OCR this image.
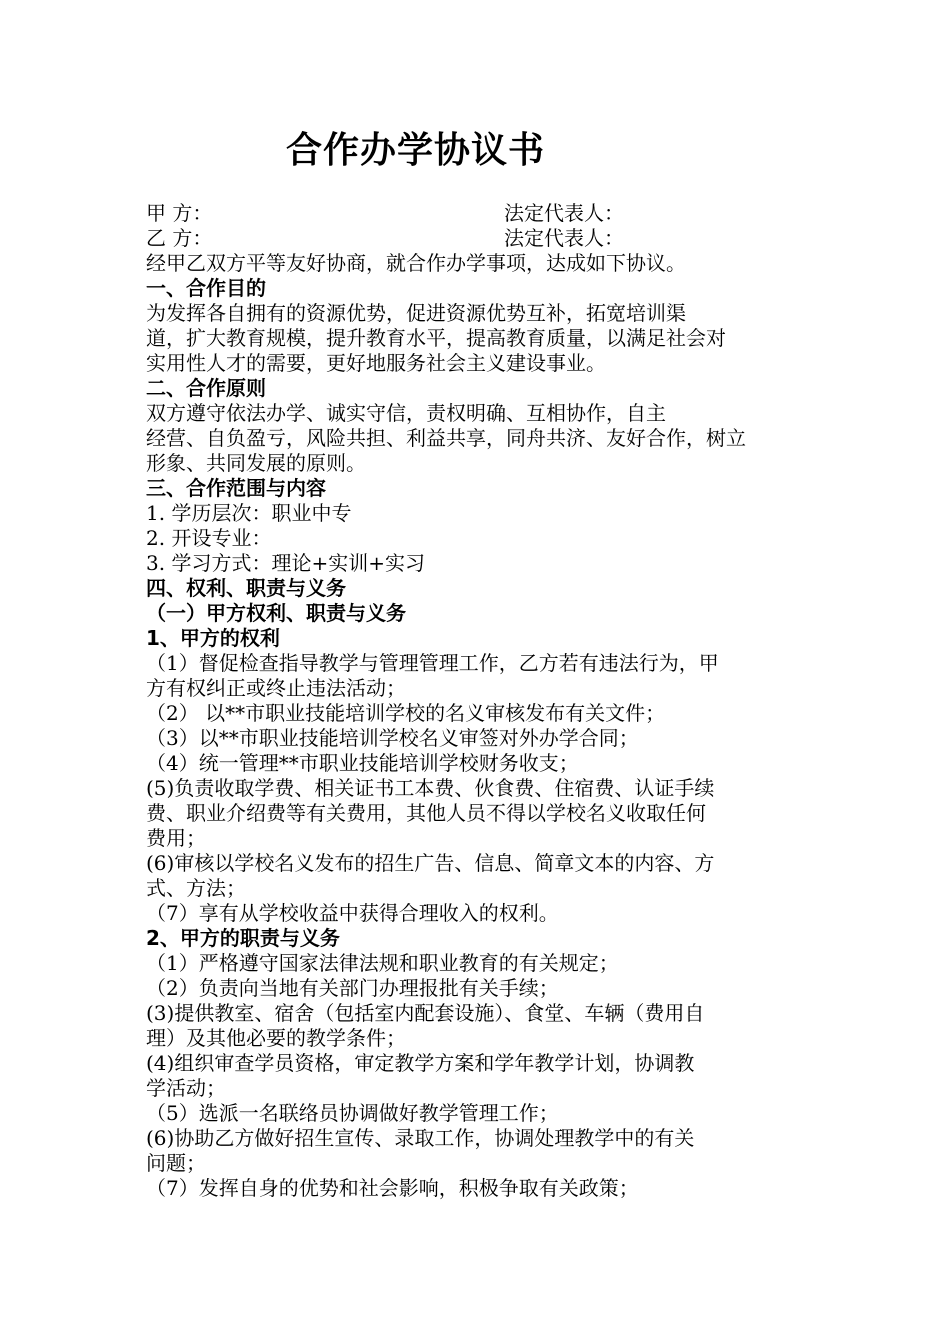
合作办学协议书
甲 方：	法定代表人：
乙 方：	法定代表人：
经甲乙双方平等友好协商，就合作办学事项，达成如下协议。
一、合作目的
为发挥各自拥有的资源优势，促进资源优势互补，拓宽培训渠
道，扩大教育规模，提升教育水平，提高教育质量，以满足社会对
实用性人才的需要，更好地服务社会主义建设事业。
二、合作原则
双方遵守依法办学、诚实守信，责权明确、互相协作，自主
经营、自负盈亏，风险共担、利益共享，同舟共济、友好合作，树立
形象、共同发展的原则。
三、合作范围与内容
1. 学历层次：职业中专
2. 开设专业：
3. 学习方式：理论+实训+实习
四、权利、职责与义务
（一）甲方权利、职责与义务
1、甲方的权利
（1）督促检查指导教学与管理管理工作，乙方若有违法行为，甲
方有权纠正或终止违法活动；
（2） 以**市职业技能培训学校的名义审核发布有关文件；
（3）以**市职业技能培训学校名义审签对外办学合同；
（4）统一管理**市职业技能培训学校财务收支；
(5)负责收取学费、相关证书工本费、伙食费、住宿费、认证手续
费、职业介绍费等有关费用，其他人员不得以学校名义收取任何
费用；
(6)审核以学校名义发布的招生广告、信息、简章文本的内容、方
式、方法；
（7）享有从学校收益中获得合理收入的权利。
2、甲方的职责与义务
（1）严格遵守国家法律法规和职业教育的有关规定；
（2）负责向当地有关部门办理报批有关手续；
(3)提供教室、宿舍（包括室内配套设施）、食堂、车辆（费用自
理）及其他必要的教学条件；
(4)组织审查学员资格，审定教学方案和学年教学计划，协调教
学活动；
（5）选派一名联络员协调做好教学管理工作；
(6)协助乙方做好招生宣传、录取工作，协调处理教学中的有关
问题；
（7）发挥自身的优势和社会影响，积极争取有关政策；
